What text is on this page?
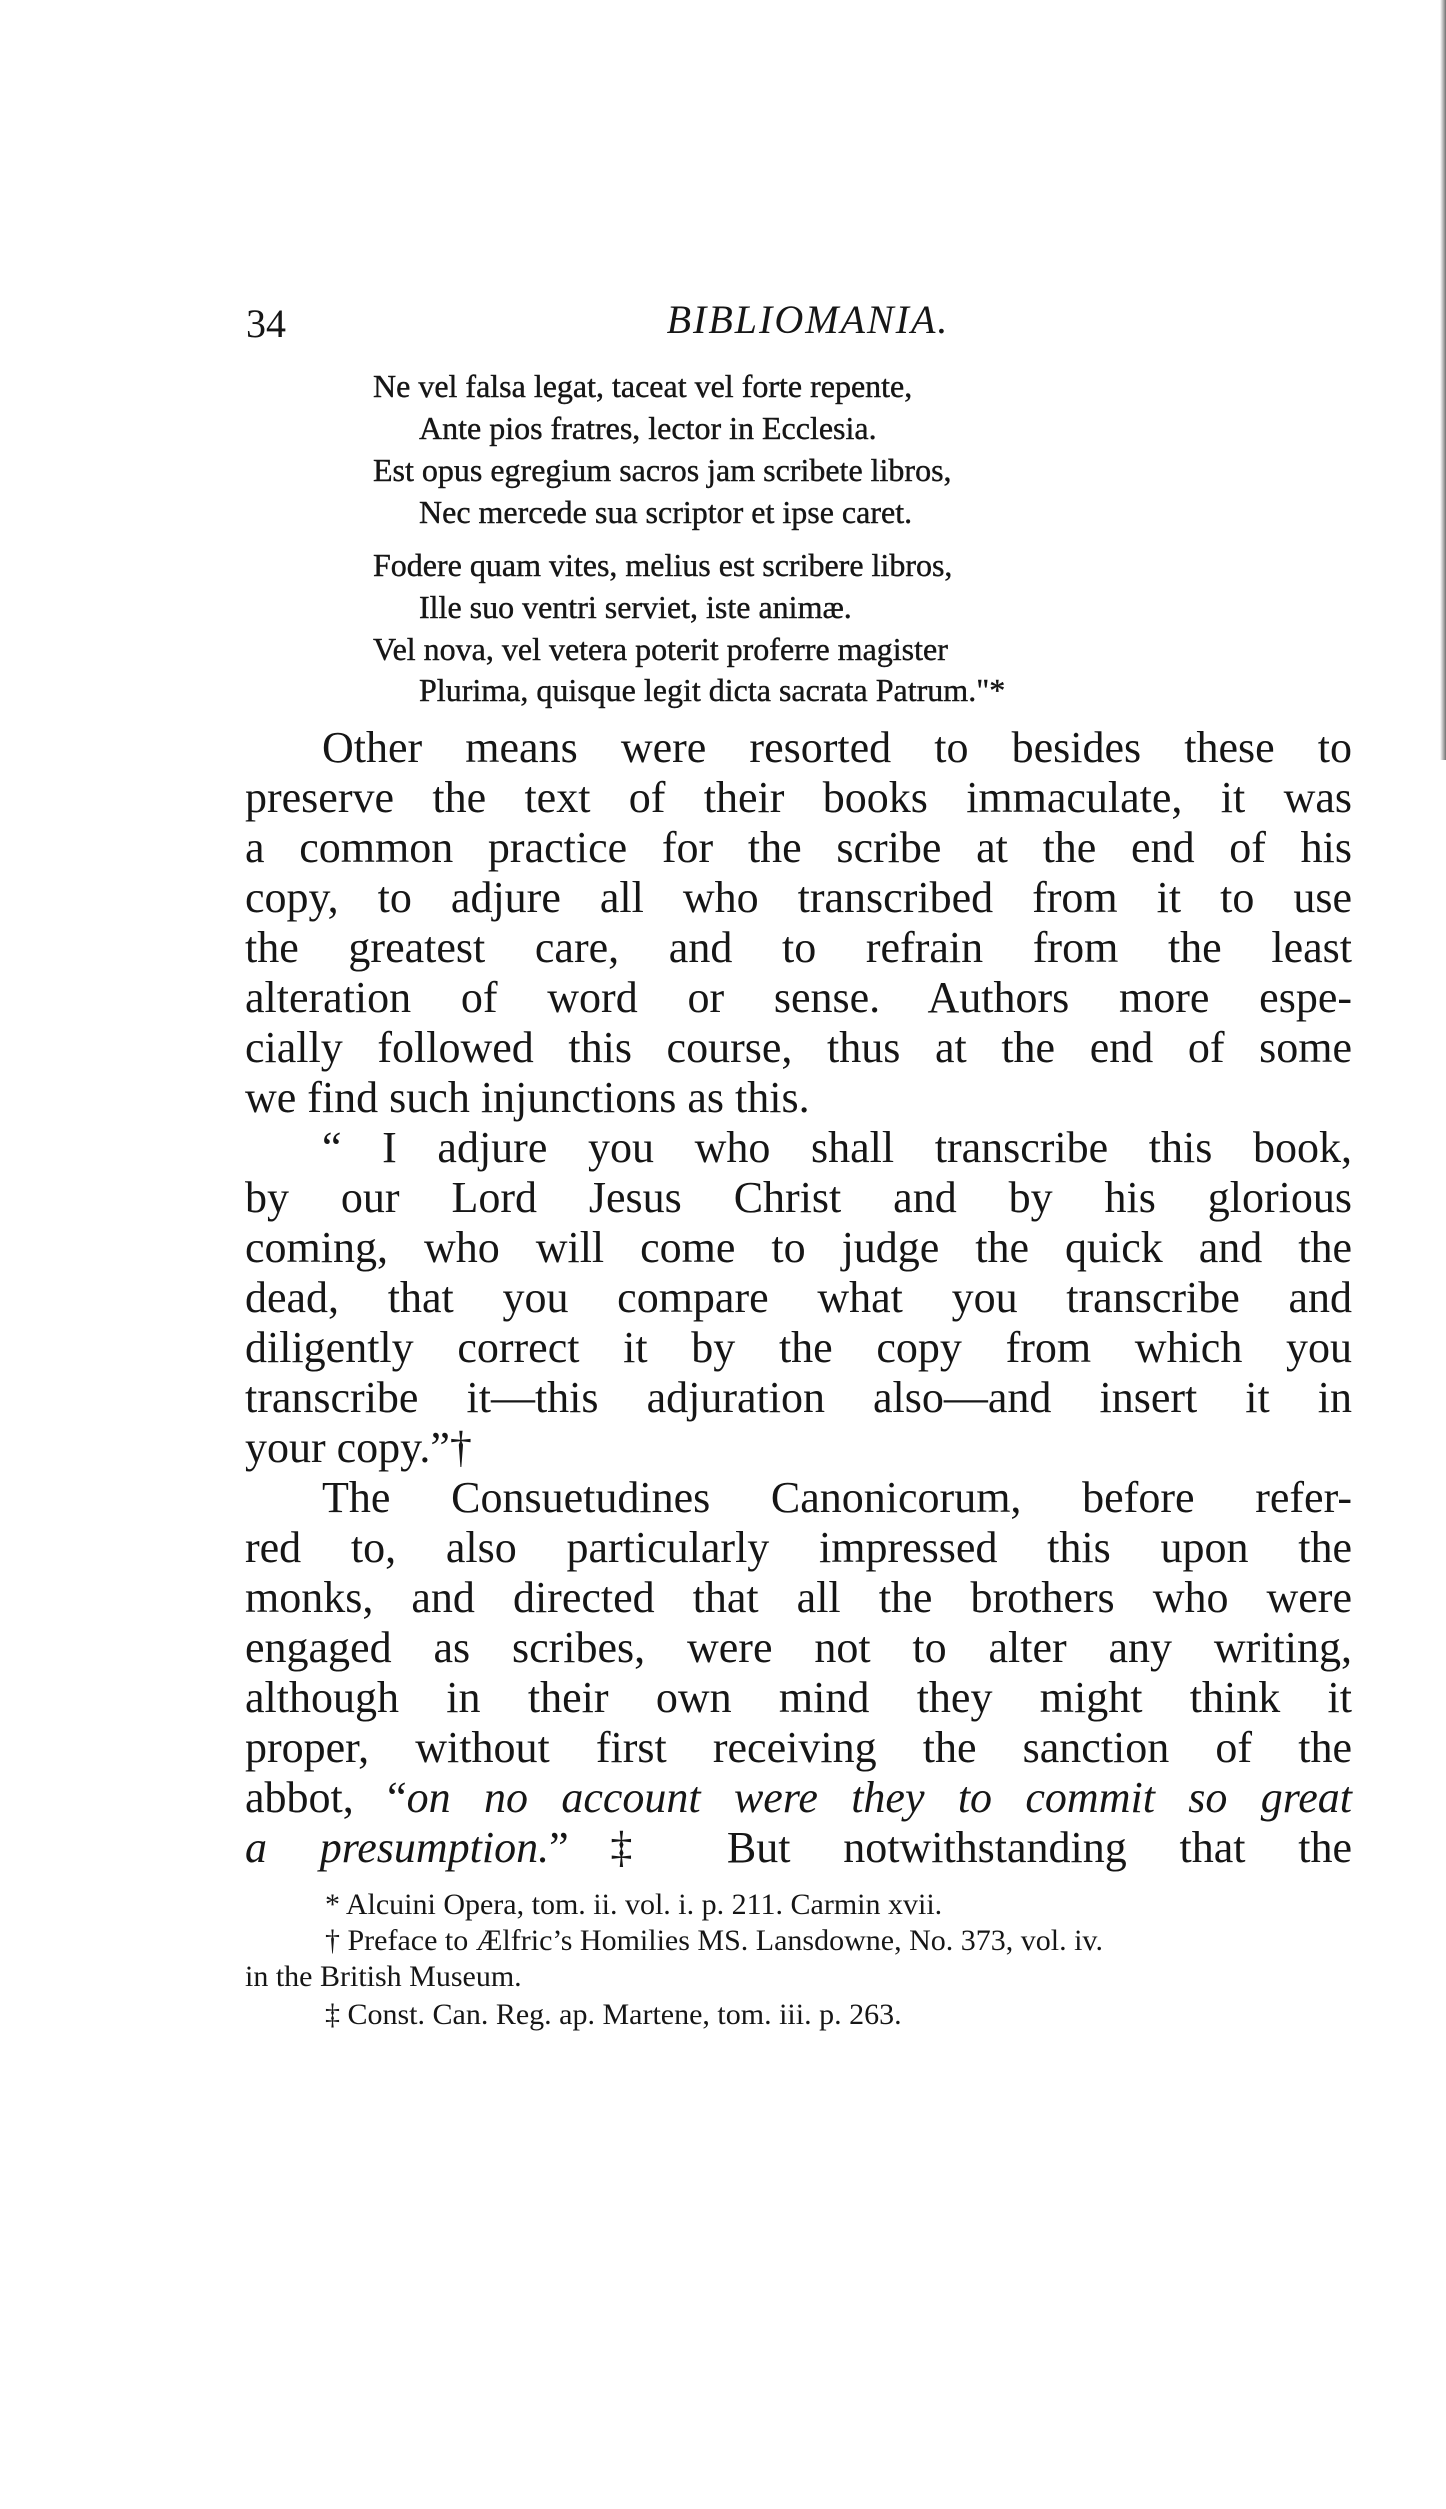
34	BIBLIOMANIA.
Ne vel falsa legat, taceat vel forte repente,
Ante pios fratres, lector in Ecclesia.
Est opus egregium sacros jam scribete libros,
Nec mercede sua scriptor et ipse caret.
Fodere quam vites, melius est scribere libros,
Ille suo ventri serviet, iste animæ.
Vel nova, vel vetera poterit proferre magister
Plurima, quisque legit dicta sacrata Patrum."*
Other means were resorted to besides these to
preserve the text of their books immaculate, it was
a common practice for the scribe at the end of his
copy, to adjure all who transcribed from it to use
the greatest care, and to refrain from the least
alteration of word or sense. Authors more espe-
cially followed this course, thus at the end of some
we find such injunctions as this.
“ I adjure you who shall transcribe this book,
by our Lord Jesus Christ and by his glorious
coming, who will come to judge the quick and the
dead, that you compare what you transcribe and
diligently correct it by the copy from which you
transcribe it—this adjuration also—and insert it in
your copy.”†
The Consuetudines Canonicorum, before refer-
red to, also particularly impressed this upon the
monks, and directed that all the brothers who were
engaged as scribes, were not to alter any writing,
although in their own mind they might think it
proper, without first receiving the sanction of the
abbot, “on no account were they to commit so great
a presumption.”‡ But notwithstanding that the
* Alcuini Opera, tom. ii. vol. i. p. 211. Carmin xvii.
† Preface to Ælfric’s Homilies MS. Lansdowne, No. 373, vol. iv.
in the British Museum.
‡ Const. Can. Reg. ap. Martene, tom. iii. p. 263.
